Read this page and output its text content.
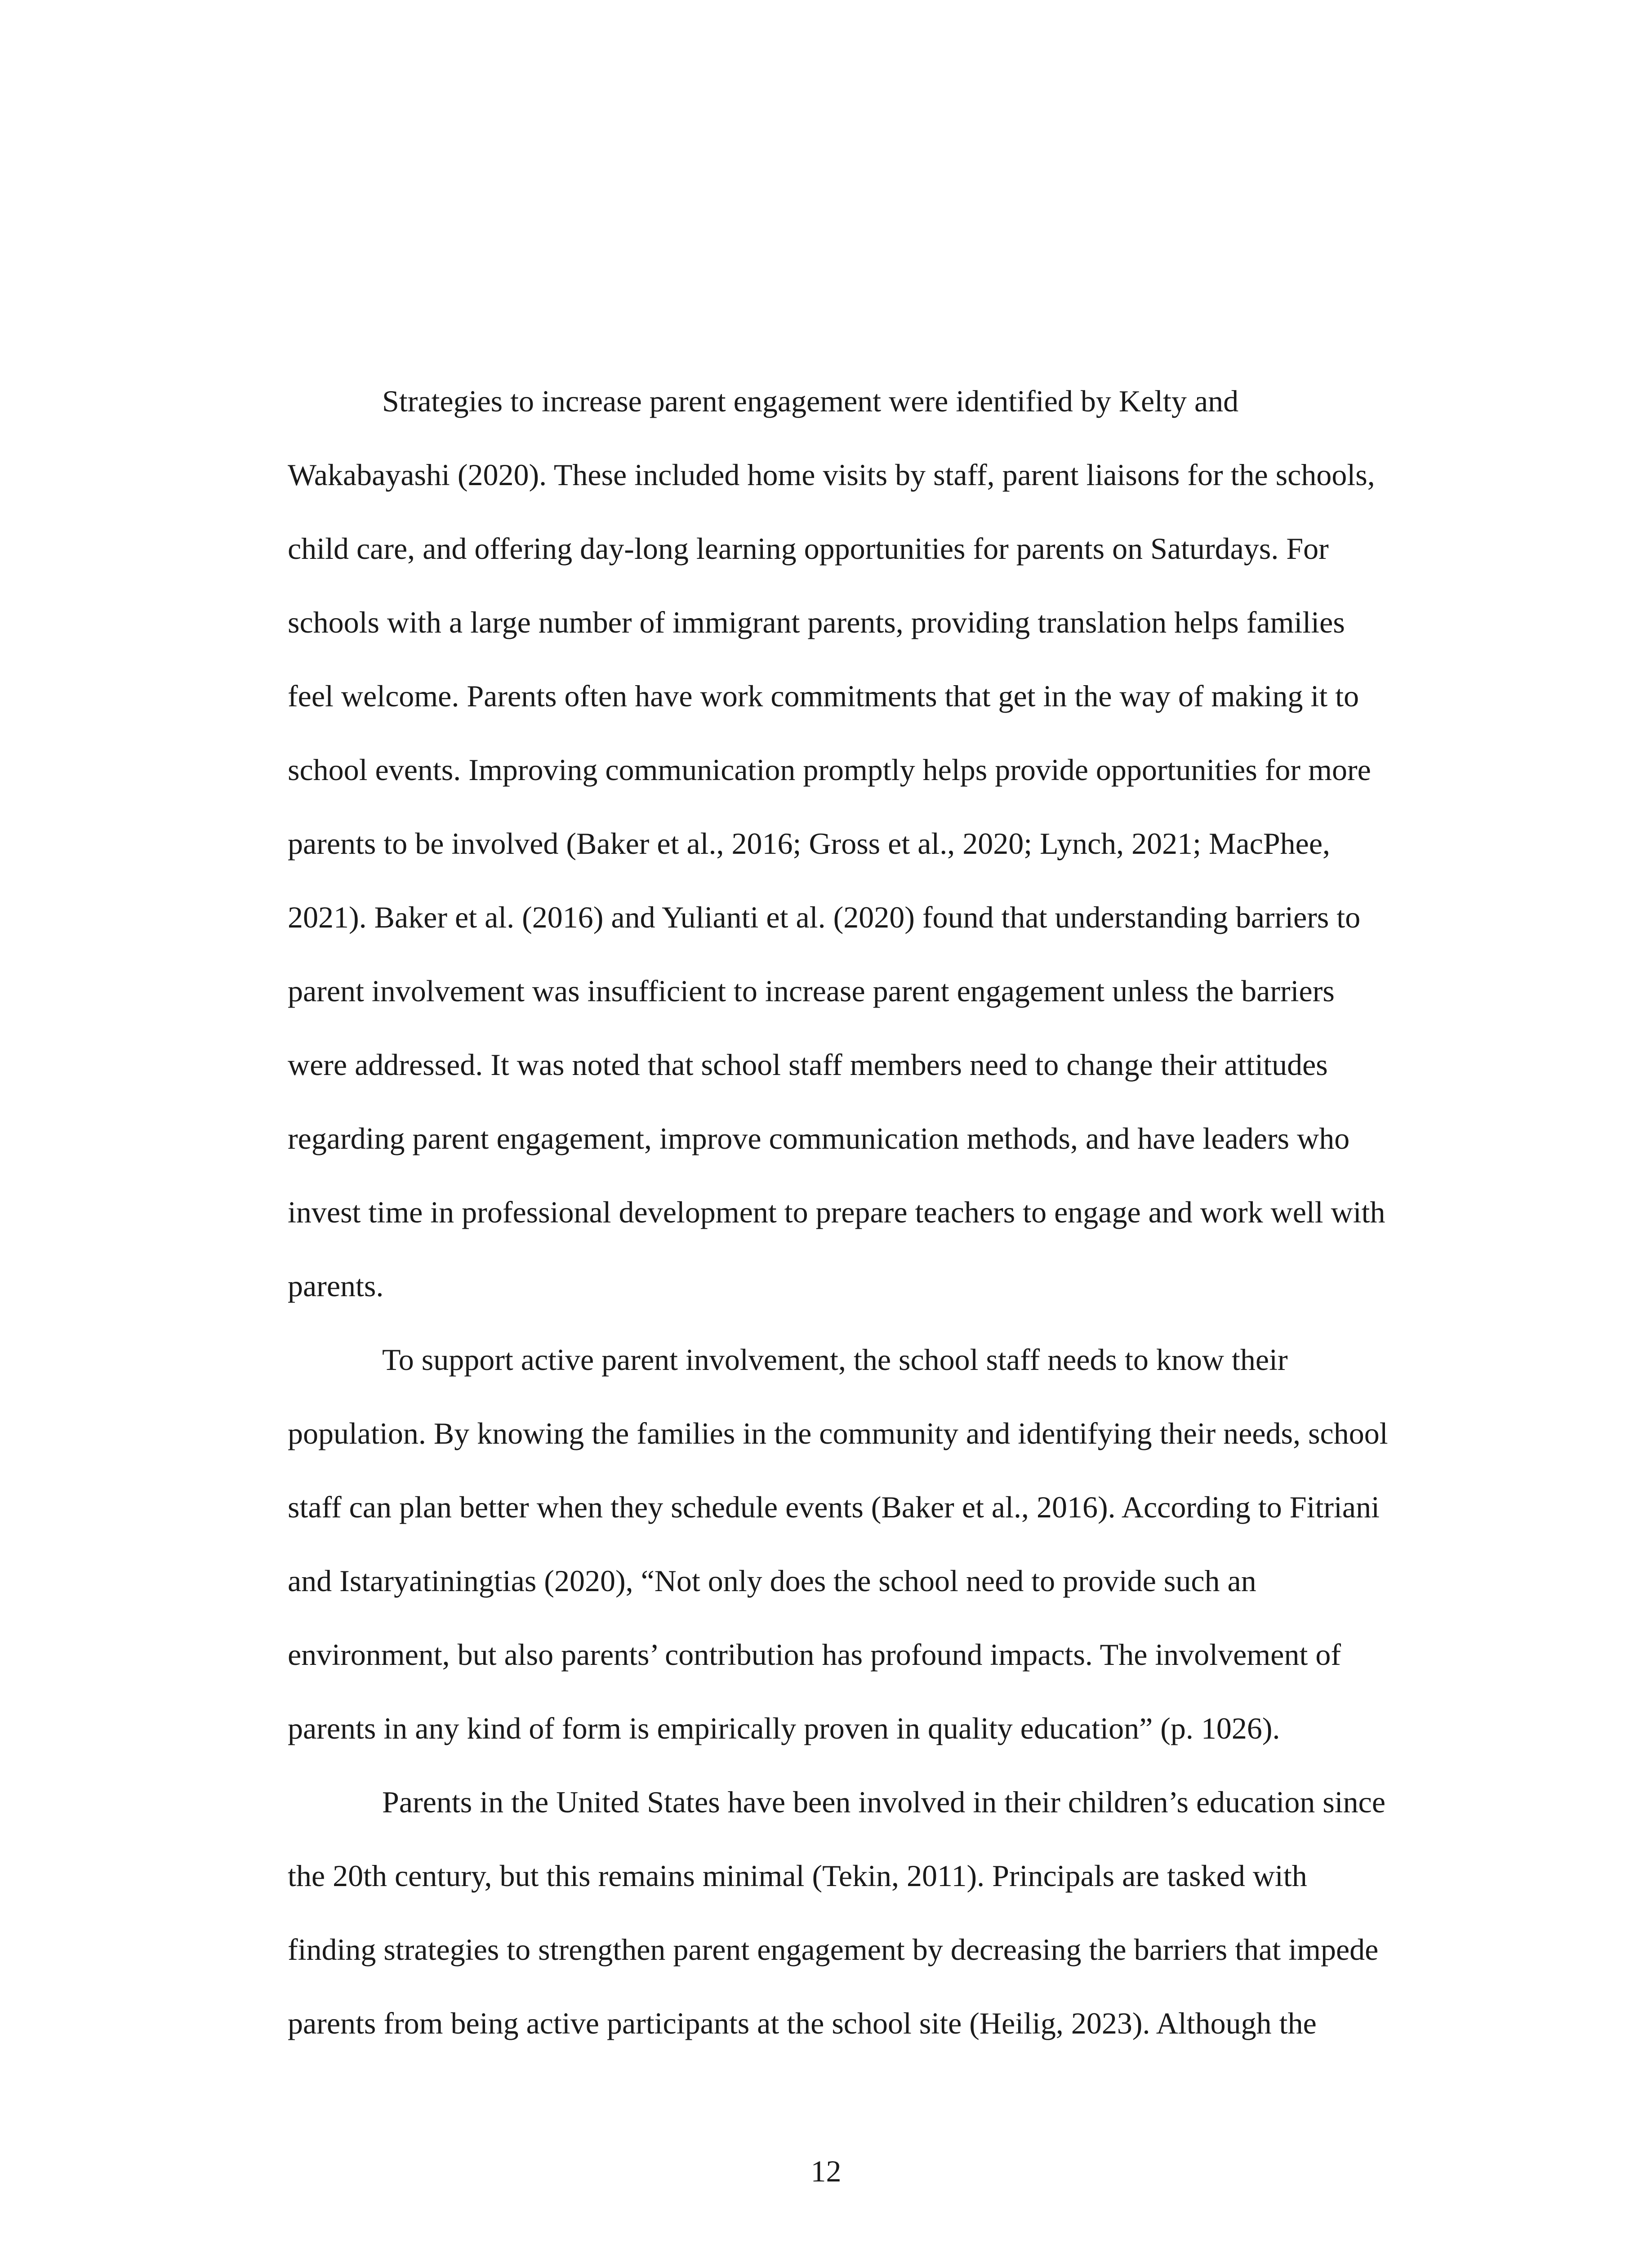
Strategies to increase parent engagement were identified by Kelty and
Wakabayashi (2020). These included home visits by staff, parent liaisons for the schools,
child care, and offering day-long learning opportunities for parents on Saturdays. For
schools with a large number of immigrant parents, providing translation helps families
feel welcome. Parents often have work commitments that get in the way of making it to
school events. Improving communication promptly helps provide opportunities for more
parents to be involved (Baker et al., 2016; Gross et al., 2020; Lynch, 2021; MacPhee,
2021). Baker et al. (2016) and Yulianti et al. (2020) found that understanding barriers to
parent involvement was insufficient to increase parent engagement unless the barriers
were addressed. It was noted that school staff members need to change their attitudes
regarding parent engagement, improve communication methods, and have leaders who
invest time in professional development to prepare teachers to engage and work well with
parents.
To support active parent involvement, the school staff needs to know their
population. By knowing the families in the community and identifying their needs, school
staff can plan better when they schedule events (Baker et al., 2016). According to Fitriani
and Istaryatiningtias (2020), “Not only does the school need to provide such an
environment, but also parents’ contribution has profound impacts. The involvement of
parents in any kind of form is empirically proven in quality education” (p. 1026).
Parents in the United States have been involved in their children’s education since
the 20th century, but this remains minimal (Tekin, 2011). Principals are tasked with
finding strategies to strengthen parent engagement by decreasing the barriers that impede
parents from being active participants at the school site (Heilig, 2023). Although the
12
